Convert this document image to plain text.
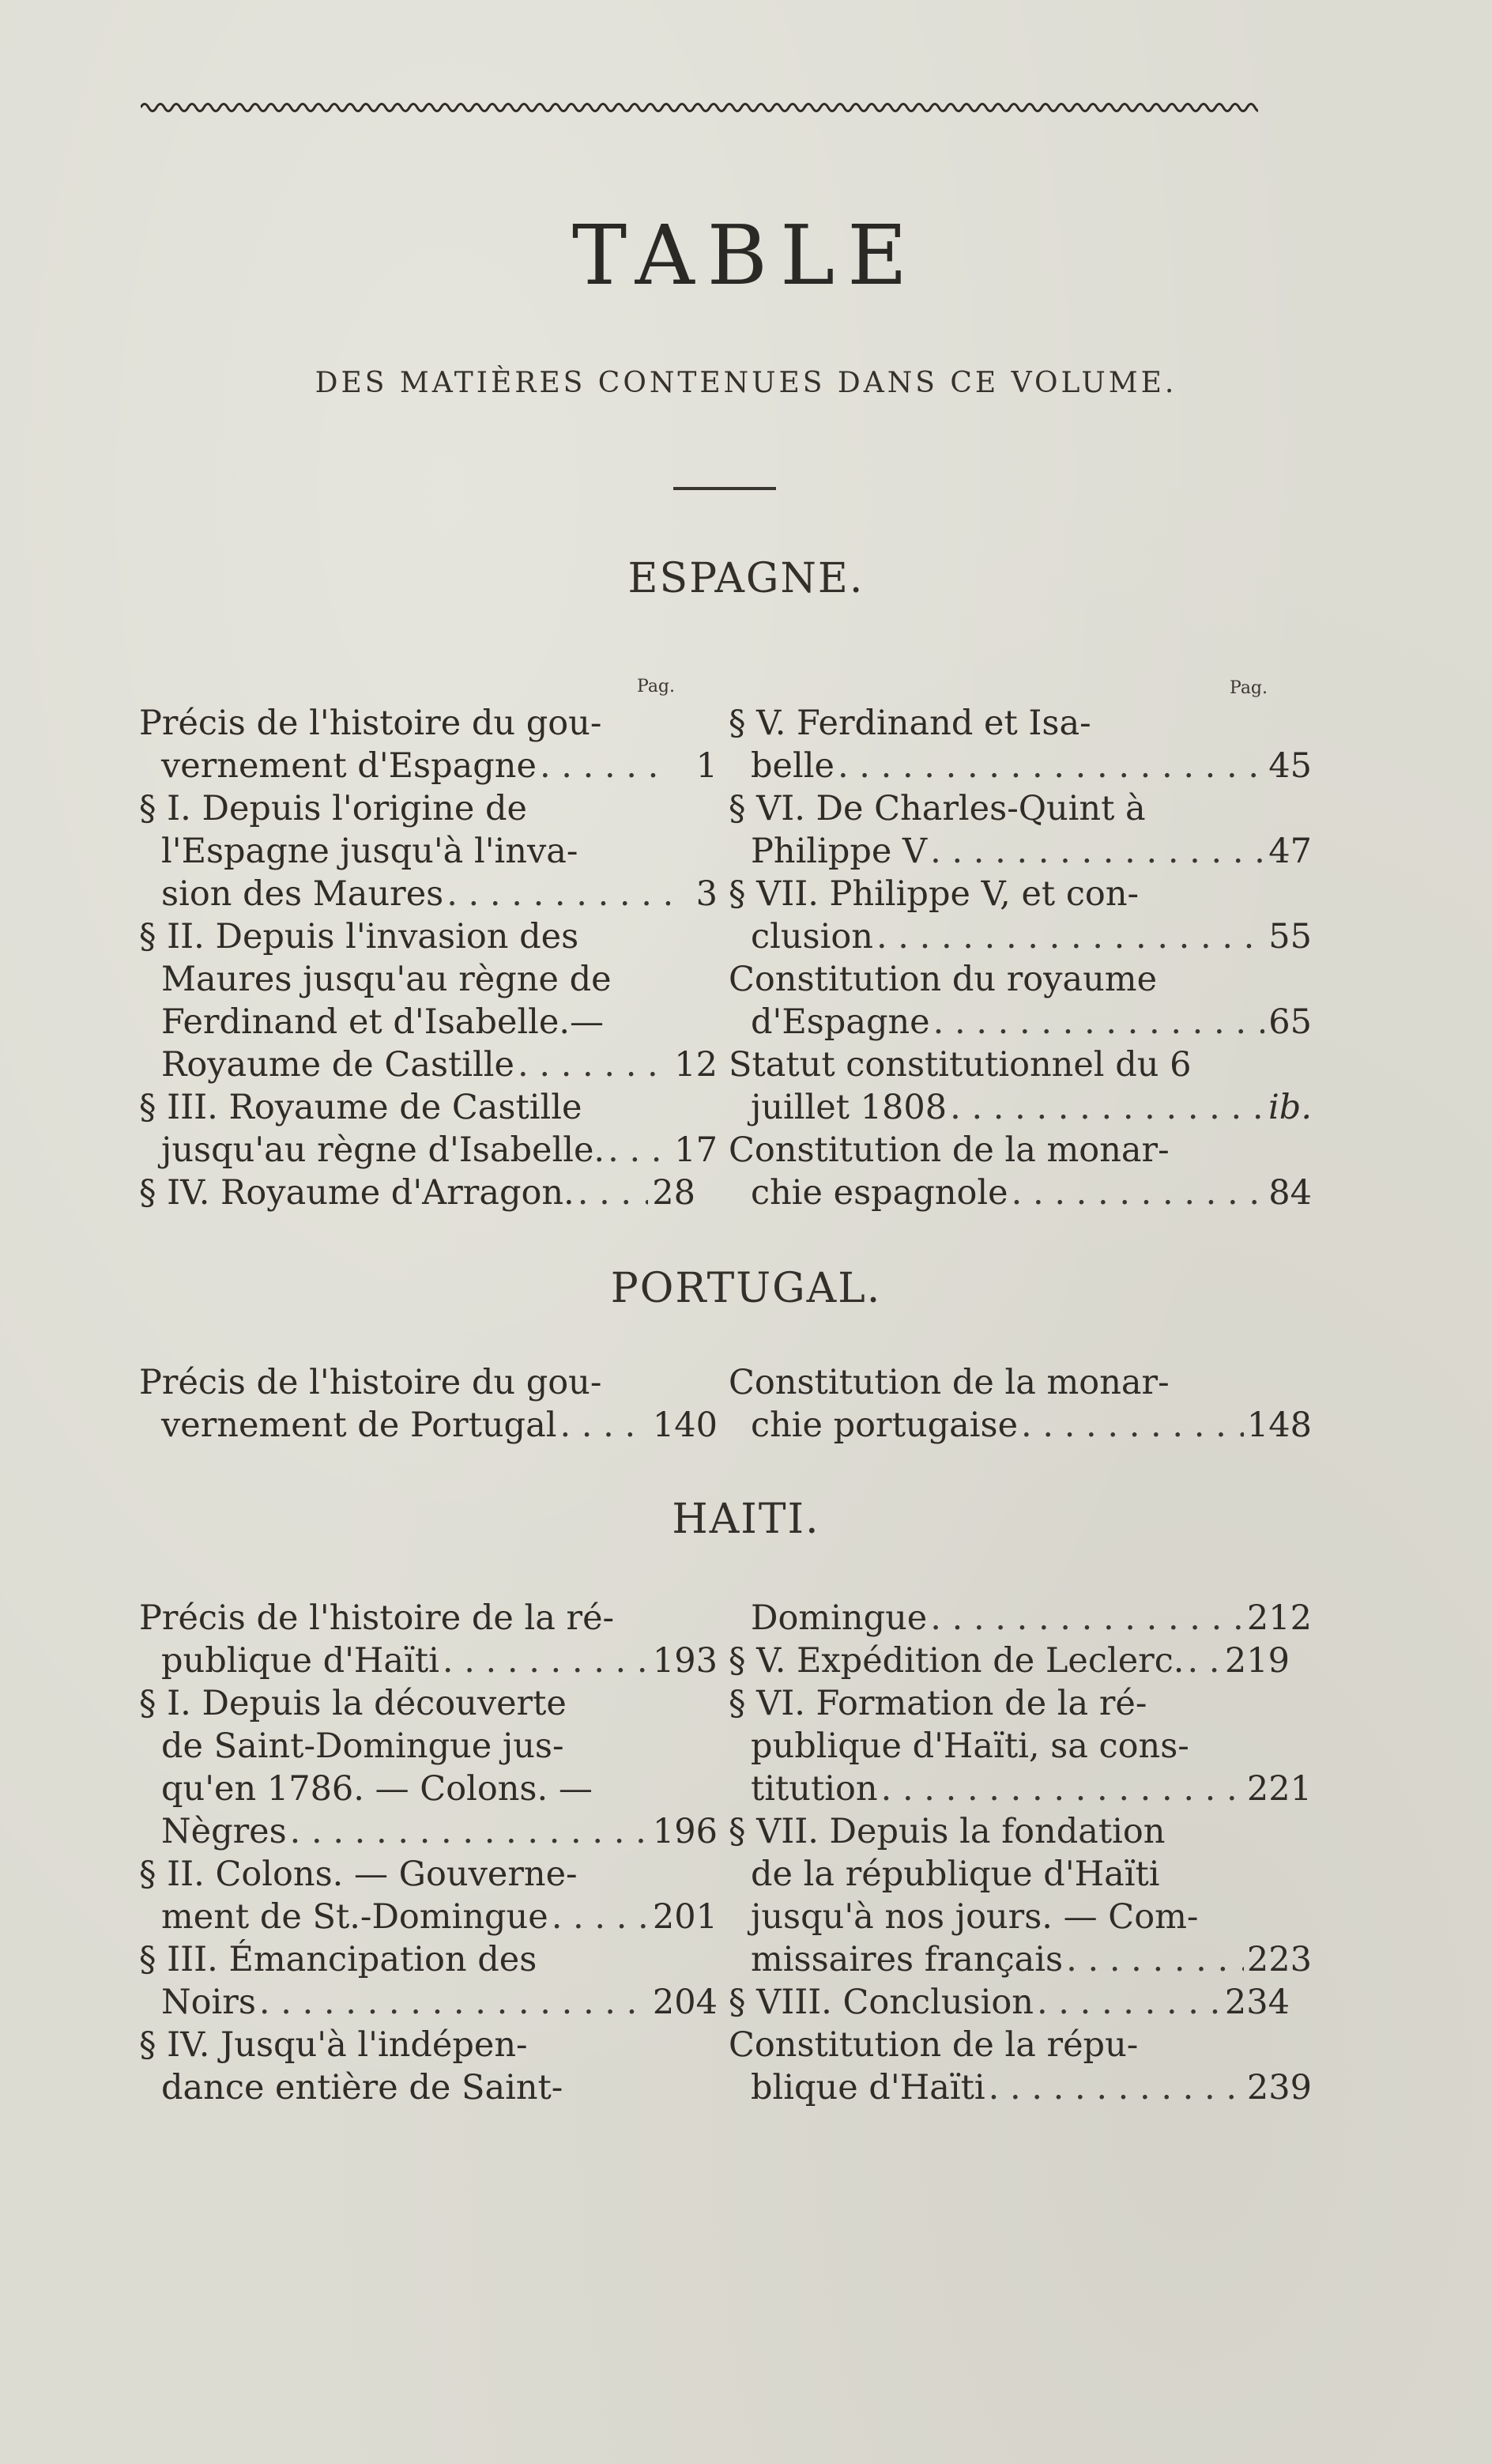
TABLE
DES MATIÈRES CONTENUES DANS CE VOLUME.
ESPAGNE.
Pag.	Pag.
Précis de l'histoire du gou-
vernement d'Espagne . . .	1
§ I. Depuis l'origine de
l'Espagne jusqu'à l'inva-
sion des Maures . . .	3
§ II. Depuis l'invasion des
Maures jusqu'au règne de
Ferdinand et d'Isabelle.—
Royaume de Castille . . .	12
§ III. Royaume de Castille
jusqu'au règne d'Isabelle. . . . 17
§ IV. Royaume d'Arragon. . . . 28
§ V. Ferdinand et Isa-
belle . . .	45
§ VI. De Charles-Quint à
Philippe V . . .	47
§ VII. Philippe V, et con-
clusion . . .	55
Constitution du royaume
d'Espagne . . .	65
Statut constitutionnel du 6
juillet 1808 . . .	ib.
Constitution de la monar-
chie espagnole . . .	84
PORTUGAL.
Précis de l'histoire du gou-
vernement de Portugal . . .	140
Constitution de la monar-
chie portugaise . . .	148
HAITI.
Précis de l'histoire de la ré-
publique d'Haïti . . .	193
§ I. Depuis la découverte
de Saint-Domingue jus-
qu'en 1786. — Colons. —
Nègres . . .	196
§ II. Colons. — Gouverne-
ment de St.-Domingue . . .	201
§ III. Émancipation des
Noirs . . .	204
§ IV. Jusqu'à l'indépen-
dance entière de Saint-
Domingue . . .	212
§ V. Expédition de Leclerc. . . . 219
§ VI. Formation de la ré-
publique d'Haïti, sa cons-
titution . . .	221
§ VII. Depuis la fondation
de la république d'Haïti
jusqu'à nos jours. — Com-
missaires français . . .	223
§ VIII. Conclusion . . .	234
Constitution de la répu-
blique d'Haïti . . .	239
